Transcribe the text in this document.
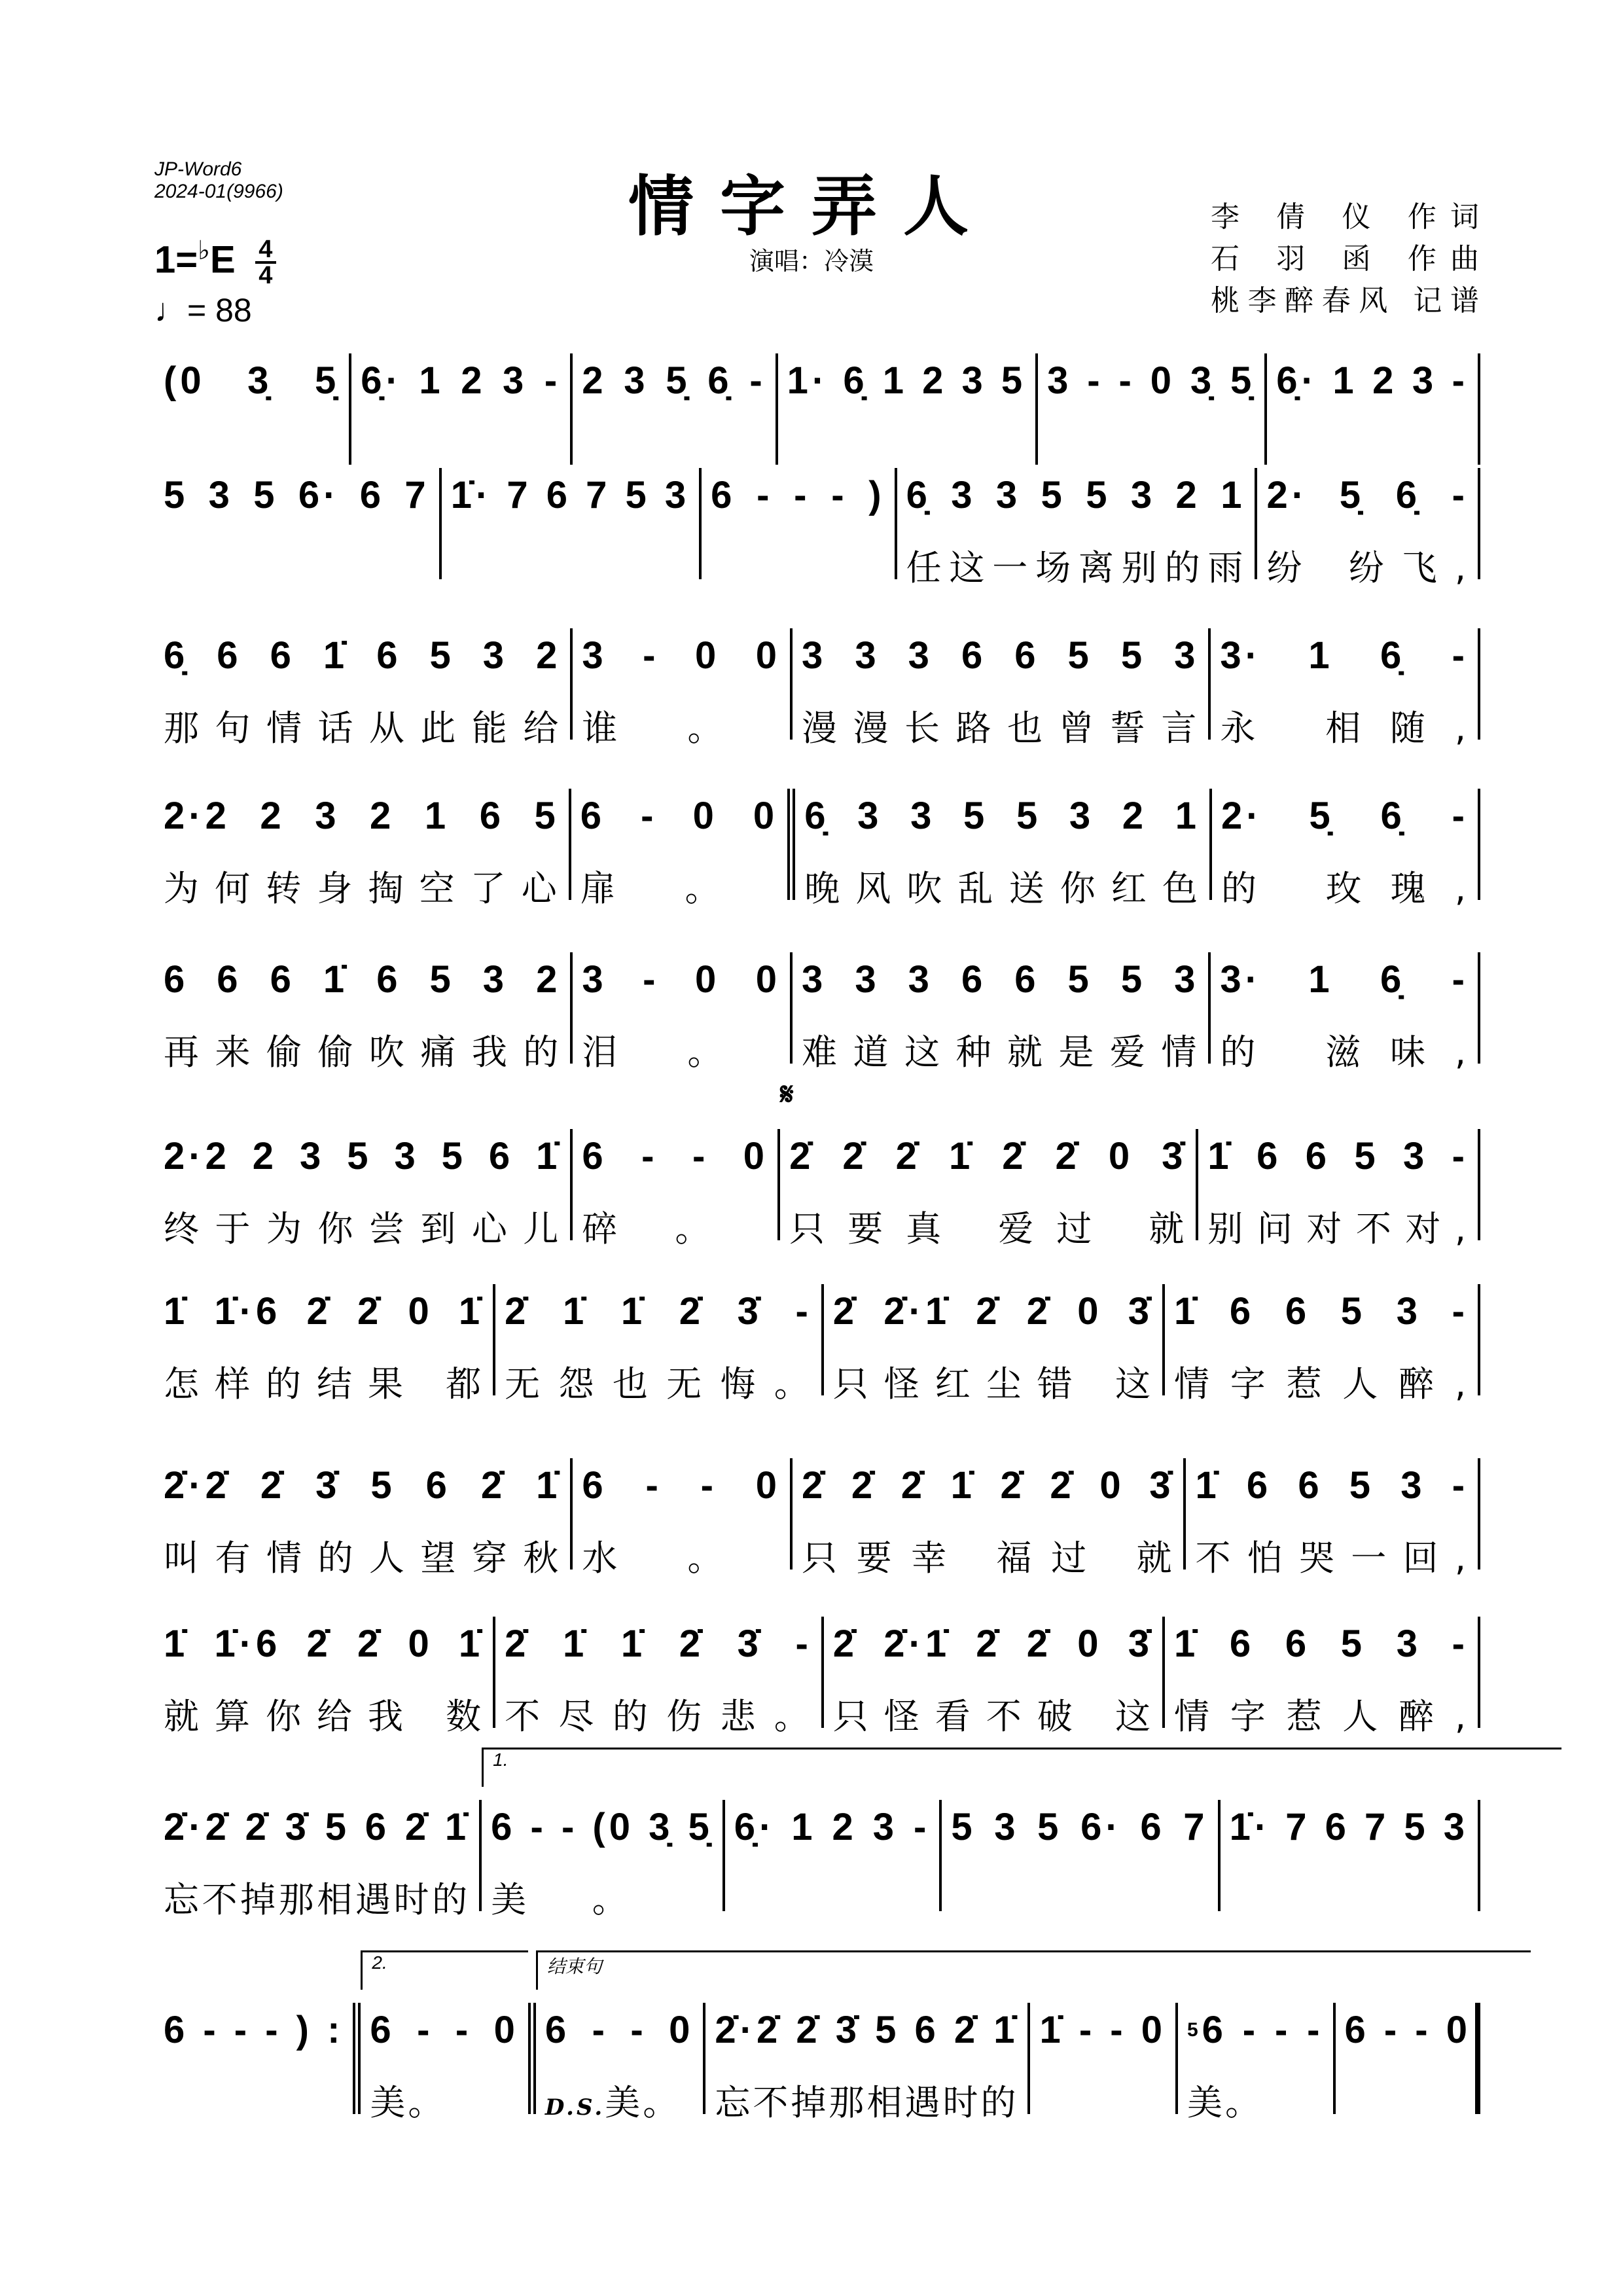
JP-Word6
2024-01(9966)	情字弄人
演唱：冷漠
李 倩 仪 作词
石 羽 函 作曲
桃李醉春风 记谱
$1=^♭E \frac{4}{4}$
♩= 88
(0 3̣ 5̣ 6̣· 1 2 3 - 2 3 5̣ 6̣ - 1· 6̣ 1 2 3 5 3 - - 0 3̣ 5̣ 6̣· 1 2 3 -
5 3 5 6· 6 7 1̇· 7 6 7 5 3 6 - - - ) 6̣ 3 3 5 5 3 2 1
任这一场离别的雨
2· 5̣ 6̣ -
纷 纷飞,
6̣ 6 6 1̇ 6 5 3 2
那句情话从此能给
3 - 0 0
谁。
3 3 3 6 6 5 5 3
漫漫长路也曾誓言
3· 1 6̣ -
永 相随,
2·2 2 3 2 1 6 5
为何转身掏空了心
6 - 0 0
扉。
6̣ 3 3 5 5 3 2 1
晚风吹乱送你红色
2· 5̣ 6̣ -
的 玫瑰,
6 6 6 1̇ 6 5 3 2
再来偷偷吹痛我的
3 - 0 0
泪。
3 3 3 6 6 5 5 3
难道这种就是爱情
3· 1 6̣ -
的 滋味,
2·2 2 3 5 3 5 6 1̇
终于为你尝到心儿
6 - - 0
碎。
2̇ 2̇ 2̇ 1̇ 2̇ 2̇ 0 3̇
只要真 爱过 就
𝄋
1̇ 6 6 5 3 -
别问对不对,
1̇ 1̇·6 2̇ 2̇ 0 1̇
怎样的结果 都
2̇ 1̇ 1̇ 2̇ 3̇ -
无怨也无悔。
2̇ 2̇·1̇ 2̇ 2̇ 0 3̇
只怪红尘错 这
1̇ 6 6 5 3 -
情字惹人醉,
2̇·2̇ 2̇ 3̇ 5 6 2̇ 1̇
叫有情的人望穿秋
6 - - 0
水。
2̇ 2̇ 2̇ 1̇ 2̇ 2̇ 0 3̇
只要幸 福过 就
1̇ 6 6 5 3 -
不怕哭一回,
1̇ 1̇·6 2̇ 2̇ 0 1̇
就算你给我 数
2̇ 1̇ 1̇ 2̇ 3̇ -
不尽的伤悲。
2̇ 2̇·1̇ 2̇ 2̇ 0 3̇
只怪看不破 这
1̇ 6 6 5 3 -
情字惹人醉,
2̇·2̇ 2̇ 3̇ 5 6 2̇ 1̇
忘不掉那相遇时的
6 - - (0 3̣ 5̣
美。
1.
6̣· 1 2 3 - 5 3 5 6· 6 7 1̇· 7 6 7 5 3
6 - - - ) : 6 - - 0
美。
2.
6 - - 0
D.S.美。
结束句
2̇·2̇ 2̇ 3̇ 5 6 2̇ 1̇
忘不掉那相遇时的
1̇ - - 0 $^5$6 - - -
美。
6 - - 0
